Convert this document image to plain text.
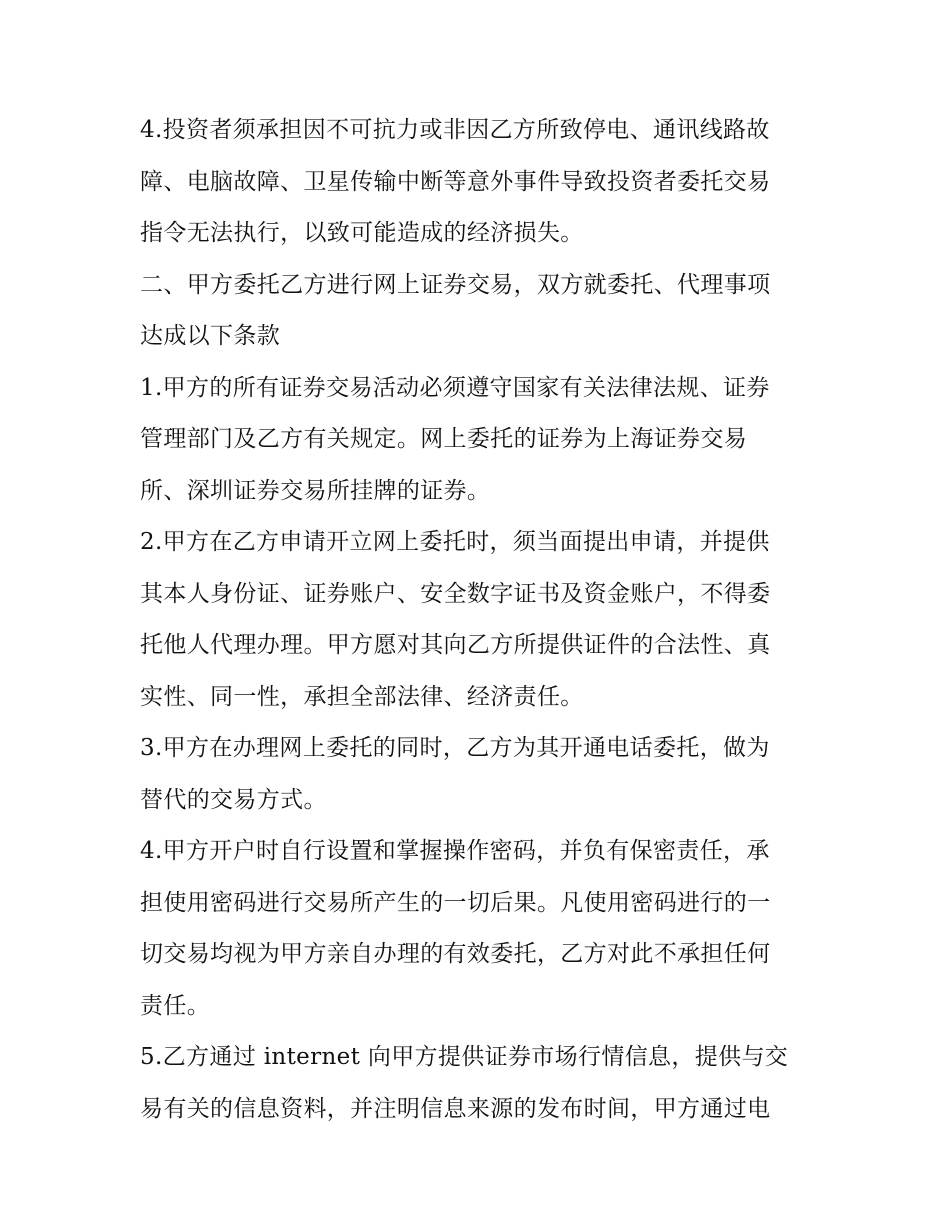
4.投资者须承担因不可抗力或非因乙方所致停电、通讯线路故
障、电脑故障、卫星传输中断等意外事件导致投资者委托交易
指令无法执行，以致可能造成的经济损失。
二、甲方委托乙方进行网上证券交易，双方就委托、代理事项
达成以下条款
1.甲方的所有证券交易活动必须遵守国家有关法律法规、证券
管理部门及乙方有关规定。网上委托的证券为上海证券交易
所、深圳证券交易所挂牌的证券。
2.甲方在乙方申请开立网上委托时，须当面提出申请，并提供
其本人身份证、证券账户、安全数字证书及资金账户，不得委
托他人代理办理。甲方愿对其向乙方所提供证件的合法性、真
实性、同一性，承担全部法律、经济责任。
3.甲方在办理网上委托的同时，乙方为其开通电话委托，做为
替代的交易方式。
4.甲方开户时自行设置和掌握操作密码，并负有保密责任，承
担使用密码进行交易所产生的一切后果。凡使用密码进行的一
切交易均视为甲方亲自办理的有效委托，乙方对此不承担任何
责任。
5.乙方通过 internet 向甲方提供证券市场行情信息，提供与交
易有关的信息资料，并注明信息来源的发布时间，甲方通过电
